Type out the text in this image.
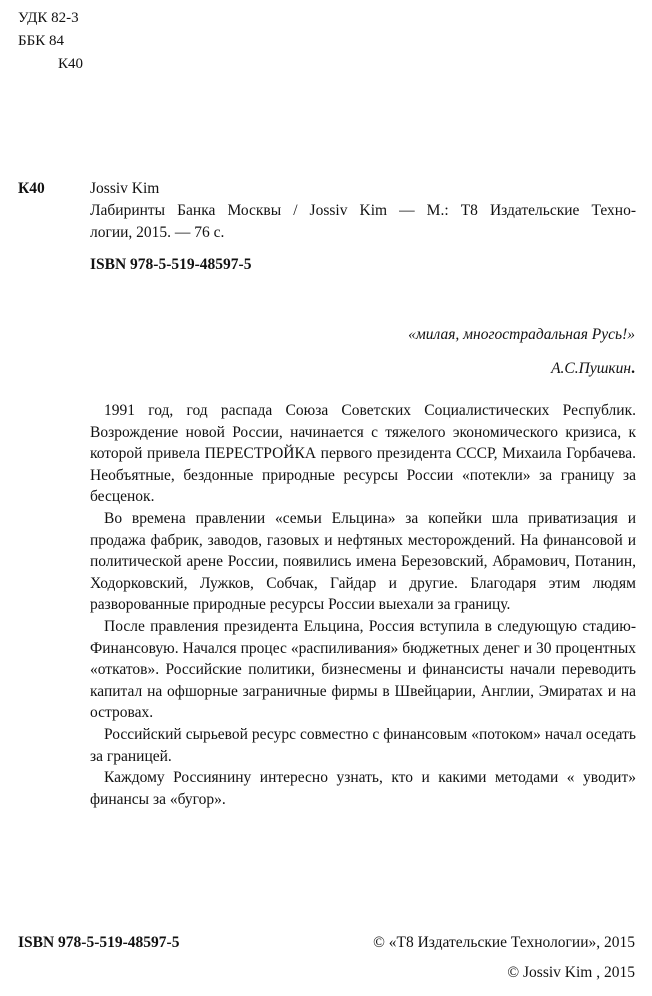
УДК 82-3
ББК 84
К40
К40	Jossiv Kim
Лабиринты Банка Москвы / Jossiv Kim — М.: Т8 Издательские Техно-
логии, 2015. — 76 с.
ISBN 978-5-519-48597-5
«милая, многострадальная Русь!»
А.С.Пушкин.

1991 год, год распада Союза Советских Социалистических Республик. Возрождение новой России, начинается с тяжелого экономического кризиса, к которой привела ПЕРЕСТРОЙКА первого президента СССР, Михаила Горбачева. Необъятные, бездонные природные ресурсы России «потекли» за границу за бесценок.

Во времена правлении «семьи Ельцина» за копейки шла приватизация и продажа фабрик, заводов, газовых и нефтяных месторождений. На финансовой и политической арене России, появились имена Березовский, Абрамович, Потанин, Ходорковский, Лужков, Собчак, Гайдар и другие. Благодаря этим людям разворованные природные ресурсы России выехали за границу.

После правления президента Ельцина, Россия вступила в следующую стадию-Финансовую. Начался процес «распиливания» бюджетных денег и 30 процентных «откатов». Российские политики, бизнесмены и финансисты начали переводить капитал на офшорные заграничные фирмы в Швейцарии, Англии, Эмиратах и на островах.

Российский сырьевой ресурс совместно с финансовым «потоком» начал оседать за границей.

Каждому Россиянину интересно узнать, кто и какими методами « уводит» финансы за «бугор».

ISBN 978-5-519-48597-5	© «Т8 Издательские Технологии», 2015
© Jossiv Kim , 2015
